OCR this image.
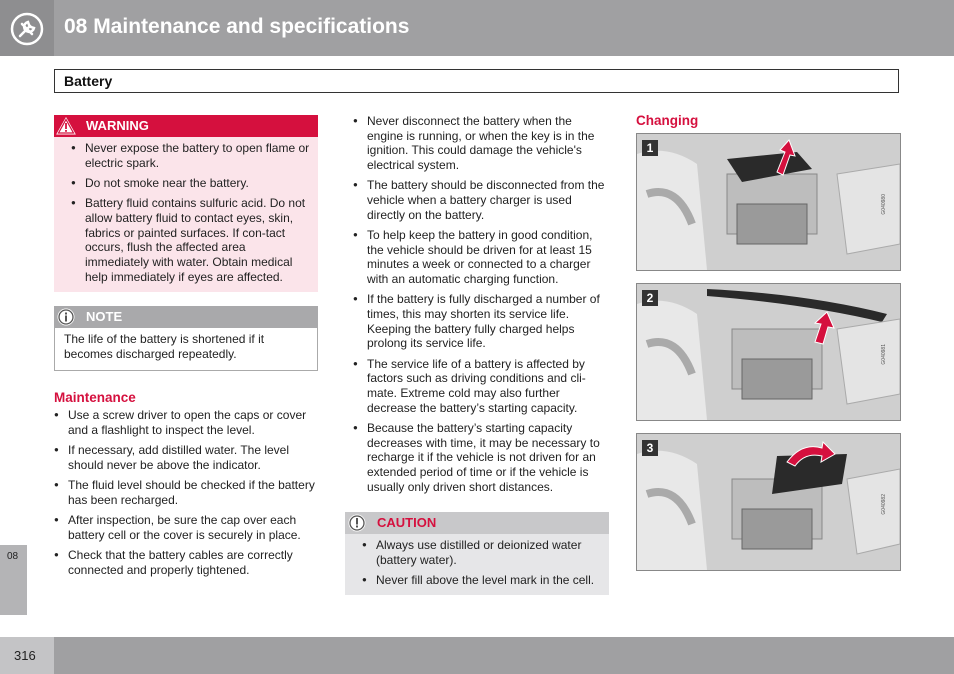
08 Maintenance and specifications
Battery
WARNING
● Never expose the battery to open flame or electric spark.
● Do not smoke near the battery.
● Battery fluid contains sulfuric acid. Do not allow battery fluid to contact eyes, skin, fabrics or painted surfaces. If con-tact occurs, flush the affected area immediately with water. Obtain medical help immediately if eyes are affected.
NOTE
The life of the battery is shortened if it becomes discharged repeatedly.
Maintenance
● Use a screw driver to open the caps or cover and a flashlight to inspect the level.
● If necessary, add distilled water. The level should never be above the indicator.
● The fluid level should be checked if the battery has been recharged.
● After inspection, be sure the cap over each battery cell or the cover is securely in place.
● Check that the battery cables are correctly connected and properly tightened.
● Never disconnect the battery when the engine is running, or when the key is in the ignition. This could damage the vehicle's electrical system.
● The battery should be disconnected from the vehicle when a battery charger is used directly on the battery.
● To help keep the battery in good condition, the vehicle should be driven for at least 15 minutes a week or connected to a charger with an automatic charging function.
● If the battery is fully discharged a number of times, this may shorten its service life. Keeping the battery fully charged helps prolong its service life.
● The service life of a battery is affected by factors such as driving conditions and cli-mate. Extreme cold may also further decrease the battery’s starting capacity.
● Because the battery’s starting capacity decreases with time, it may be necessary to recharge it if the vehicle is not driven for an extended period of time or if the vehicle is usually only driven short distances.
CAUTION
● Always use distilled or deionized water (battery water).
● Never fill above the level mark in the cell.
Changing
1
G040980
2
G040981
3
G040982
08
316
